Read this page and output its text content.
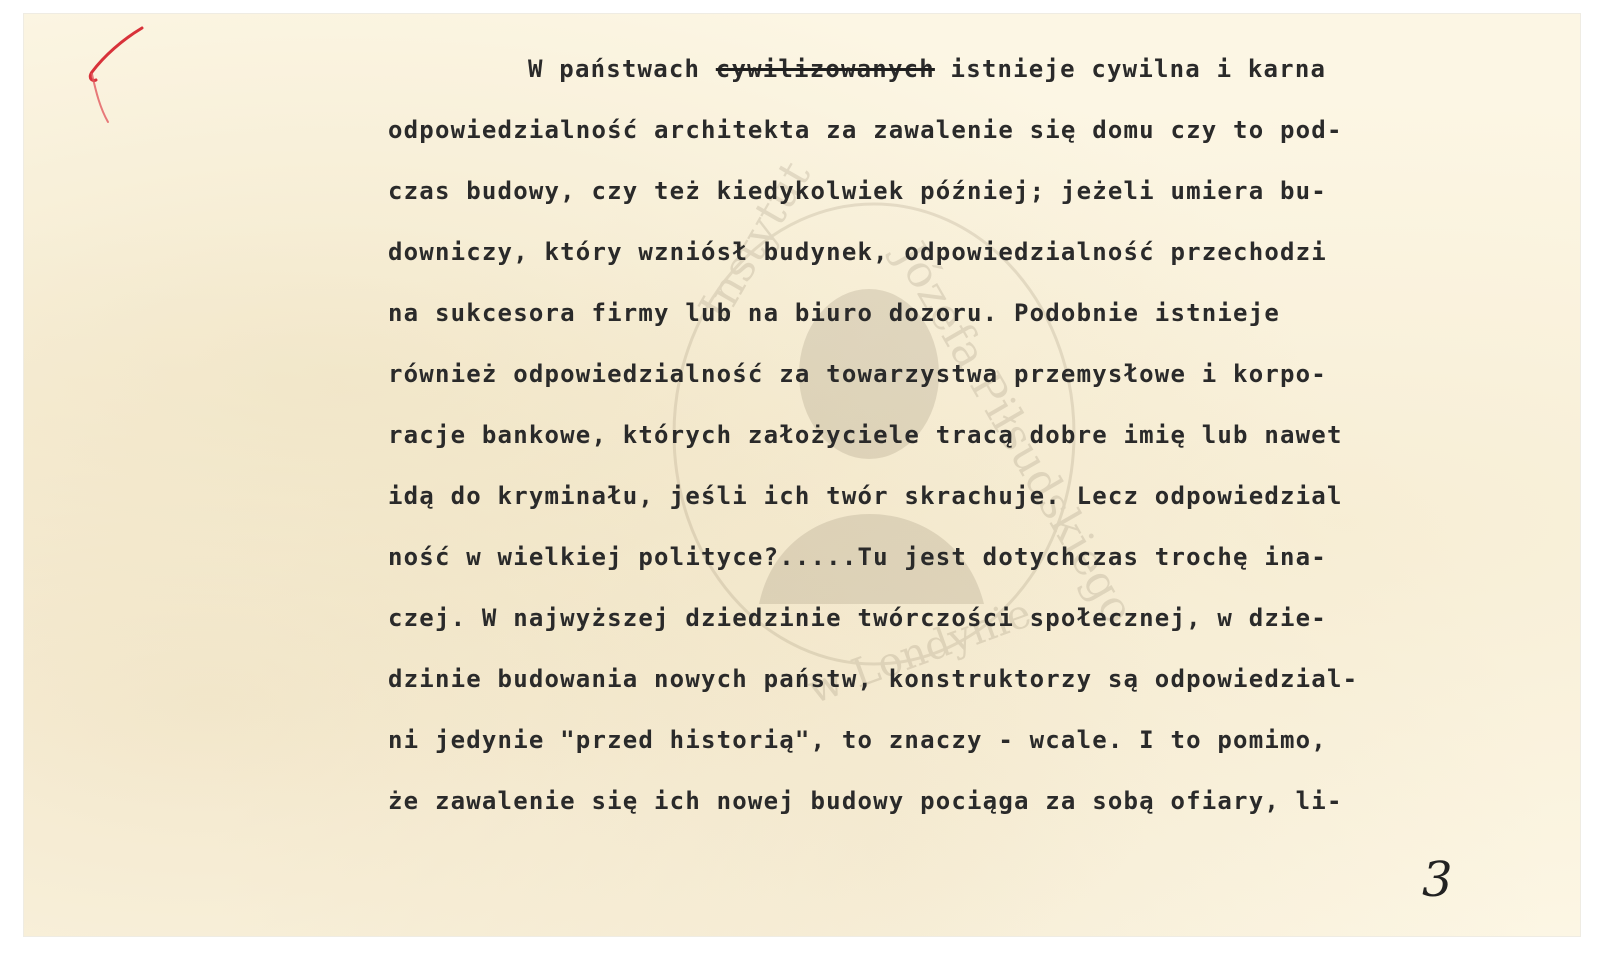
Instytut Józefa Piłsudskiego
w Londynie
W państwach cywilizowanych istnieje cywilna i karna
odpowiedzialność architekta za zawalenie się domu czy to pod-
czas budowy, czy też kiedykolwiek później; jeżeli umiera bu-
downiczy, który wzniósł budynek, odpowiedzialność przechodzi
na sukcesora firmy lub na biuro dozoru. Podobnie istnieje
również odpowiedzialność za towarzystwa przemysłowe i korpo-
racje bankowe, których założyciele tracą dobre imię lub nawet
idą do kryminału, jeśli ich twór skrachuje. Lecz odpowiedzial
ność w wielkiej polityce?.....Tu jest dotychczas trochę ina-
czej. W najwyższej dziedzinie twórczości społecznej, w dzie-
dzinie budowania nowych państw, konstruktorzy są odpowiedzial-
ni jedynie "przed historią", to znaczy - wcale. I to pomimo,
że zawalenie się ich nowej budowy pociąga za sobą ofiary, li-
3
